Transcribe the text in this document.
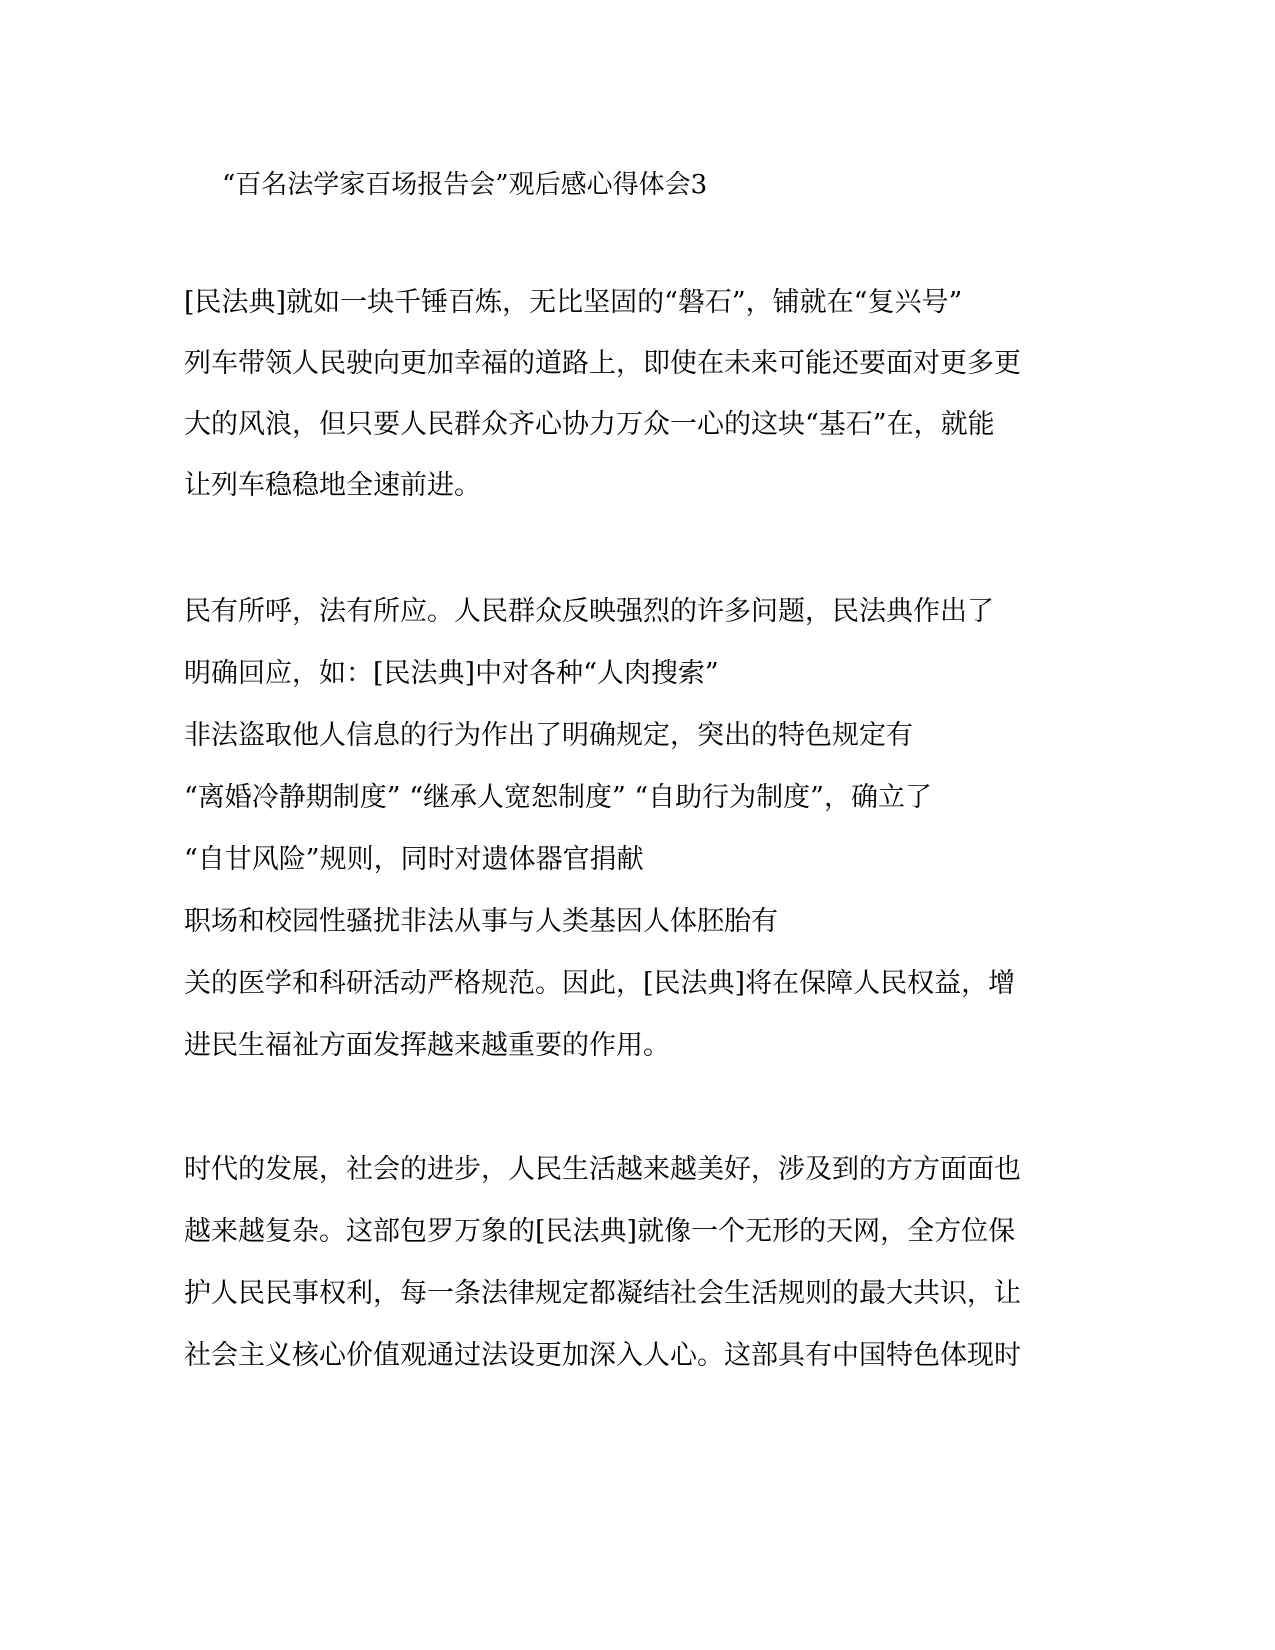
“百名法学家百场报告会”观后感心得体会3
[民法典]就如一块千锤百炼，无比坚固的“磐石”，铺就在“复兴号”
列车带领人民驶向更加幸福的道路上，即使在未来可能还要面对更多更
大的风浪，但只要人民群众齐心协力万众一心的这块“基石”在，就能
让列车稳稳地全速前进。
民有所呼，法有所应。人民群众反映强烈的许多问题，民法典作出了
明确回应，如：[民法典]中对各种“人肉搜索”
非法盗取他人信息的行为作出了明确规定，突出的特色规定有
“离婚冷静期制度” “继承人宽恕制度” “自助行为制度”，确立了
“自甘风险”规则，同时对遗体器官捐献
职场和校园性骚扰非法从事与人类基因人体胚胎有
关的医学和科研活动严格规范。因此，[民法典]将在保障人民权益，增
进民生福祉方面发挥越来越重要的作用。
时代的发展，社会的进步，人民生活越来越美好，涉及到的方方面面也
越来越复杂。这部包罗万象的[民法典]就像一个无形的天网，全方位保
护人民民事权利，每一条法律规定都凝结社会生活规则的最大共识，让
社会主义核心价值观通过法设更加深入人心。这部具有中国特色体现时
